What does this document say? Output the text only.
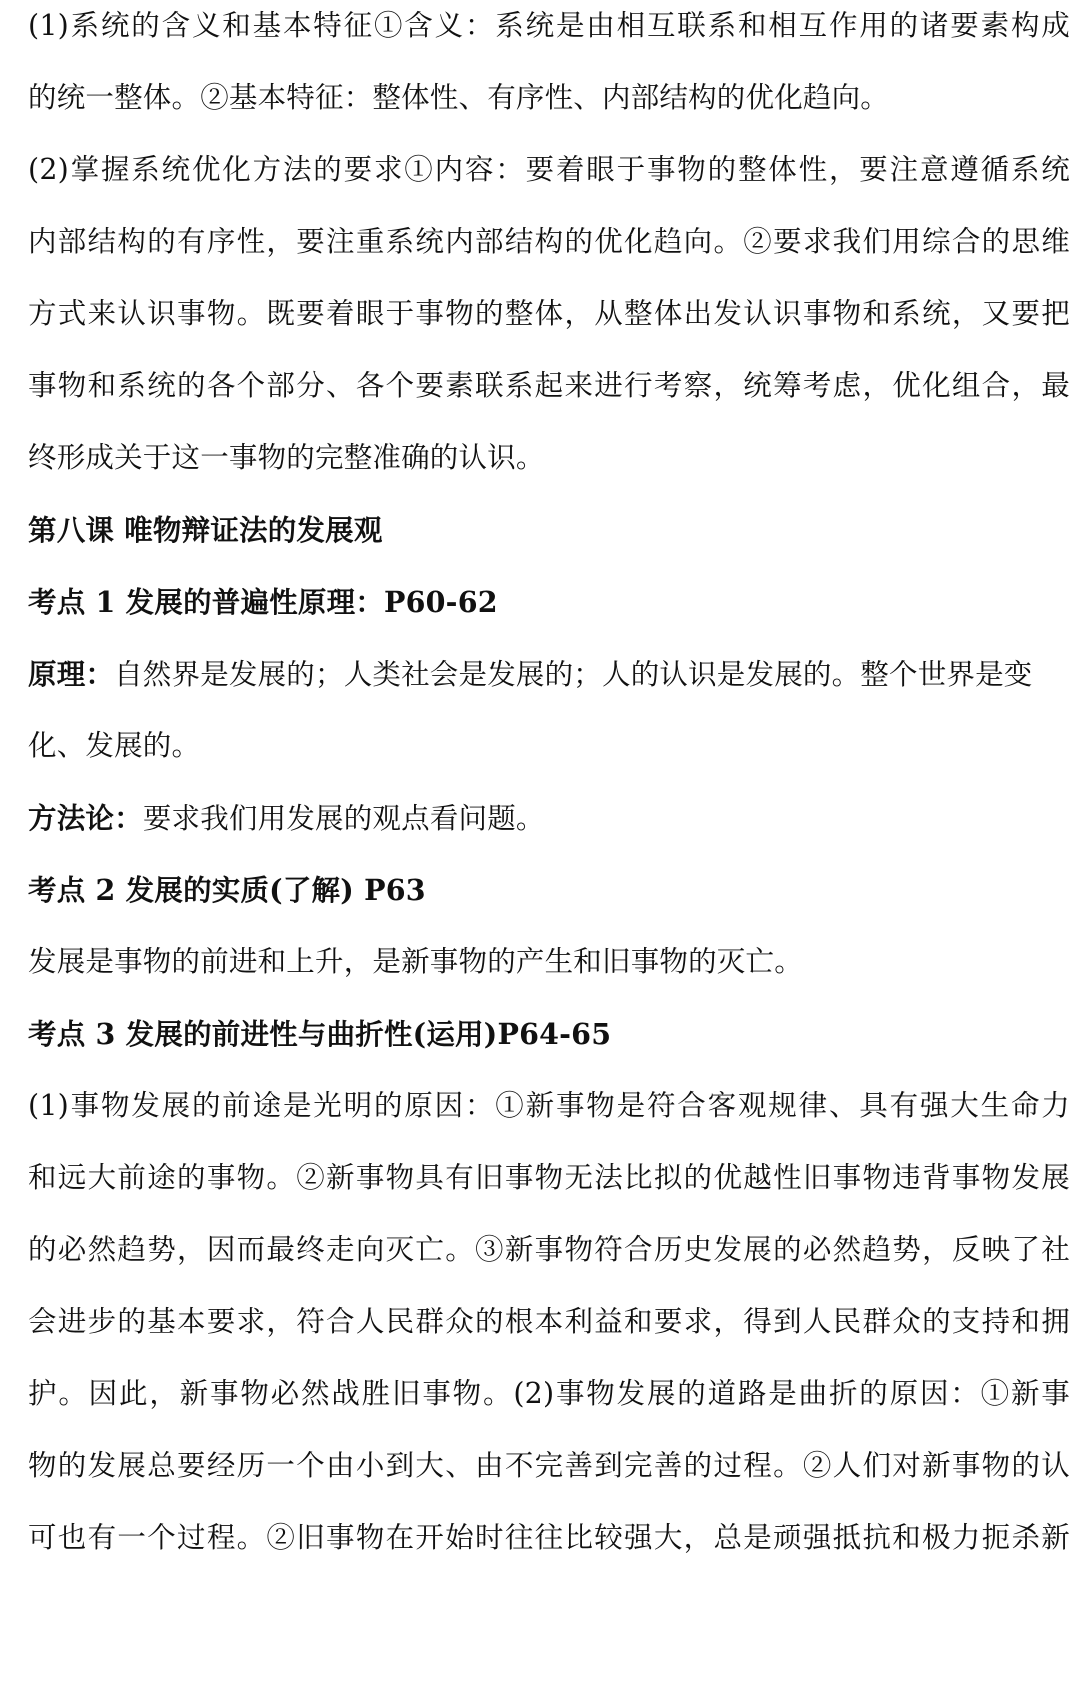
(1)系统的含义和基本特征①含义：系统是由相互联系和相互作用的诸要素构成
的统一整体。②基本特征：整体性、有序性、内部结构的优化趋向。
(2)掌握系统优化方法的要求①内容：要着眼于事物的整体性，要注意遵循系统
内部结构的有序性，要注重系统内部结构的优化趋向。②要求我们用综合的思维
方式来认识事物。既要着眼于事物的整体，从整体出发认识事物和系统，又要把
事物和系统的各个部分、各个要素联系起来进行考察，统筹考虑，优化组合，最
终形成关于这一事物的完整准确的认识。
第八课 唯物辩证法的发展观
考点 1 发展的普遍性原理：P60-62
原理：自然界是发展的；人类社会是发展的；人的认识是发展的。整个世界是变
化、发展的。
方法论：要求我们用发展的观点看问题。
考点 2 发展的实质(了解) P63
发展是事物的前进和上升，是新事物的产生和旧事物的灭亡。
考点 3 发展的前进性与曲折性(运用)P64-65
(1)事物发展的前途是光明的原因：①新事物是符合客观规律、具有强大生命力
和远大前途的事物。②新事物具有旧事物无法比拟的优越性旧事物违背事物发展
的必然趋势，因而最终走向灭亡。③新事物符合历史发展的必然趋势，反映了社
会进步的基本要求，符合人民群众的根本利益和要求，得到人民群众的支持和拥
护。因此，新事物必然战胜旧事物。(2)事物发展的道路是曲折的原因：①新事
物的发展总要经历一个由小到大、由不完善到完善的过程。②人们对新事物的认
可也有一个过程。②旧事物在开始时往往比较强大，总是顽强抵抗和极力扼杀新
